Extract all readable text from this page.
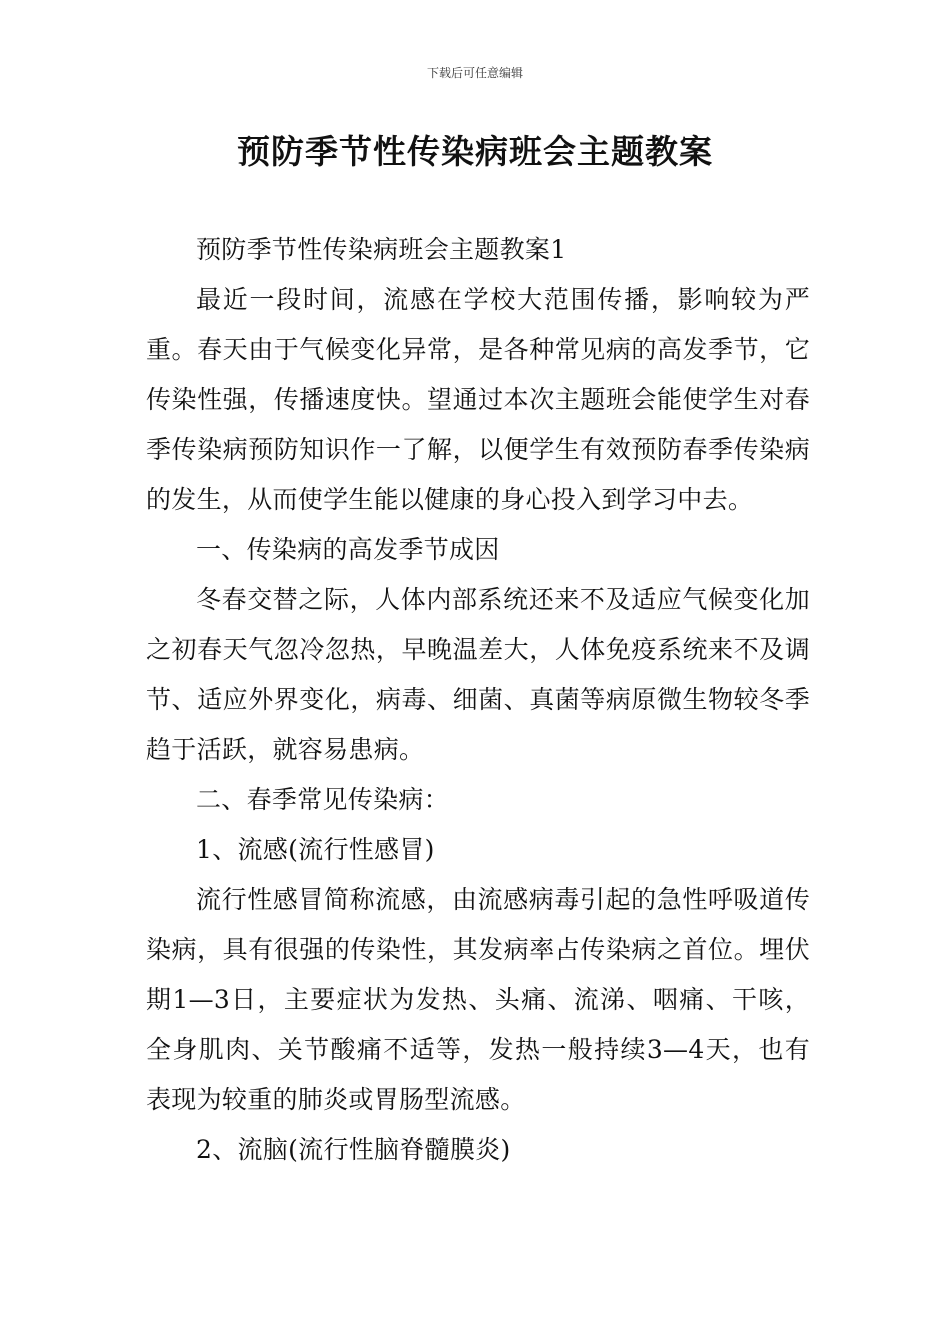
下载后可任意编辑
预防季节性传染病班会主题教案

预防季节性传染病班会主题教案1

最近一段时间，流感在学校大范围传播，影响较为严重。春天由于气候变化异常，是各种常见病的高发季节，它传染性强，传播速度快。望通过本次主题班会能使学生对春季传染病预防知识作一了解，以便学生有效预防春季传染病的发生，从而使学生能以健康的身心投入到学习中去。

一、传染病的高发季节成因

冬春交替之际，人体内部系统还来不及适应气候变化加之初春天气忽冷忽热，早晚温差大，人体免疫系统来不及调节、适应外界变化，病毒、细菌、真菌等病原微生物较冬季趋于活跃，就容易患病。

二、春季常见传染病：

1、流感(流行性感冒)

流行性感冒简称流感，由流感病毒引起的急性呼吸道传染病，具有很强的传染性，其发病率占传染病之首位。埋伏期1—3日，主要症状为发热、头痛、流涕、咽痛、干咳，全身肌肉、关节酸痛不适等，发热一般持续3—4天，也有表现为较重的肺炎或胃肠型流感。

2、流脑(流行性脑脊髓膜炎)
